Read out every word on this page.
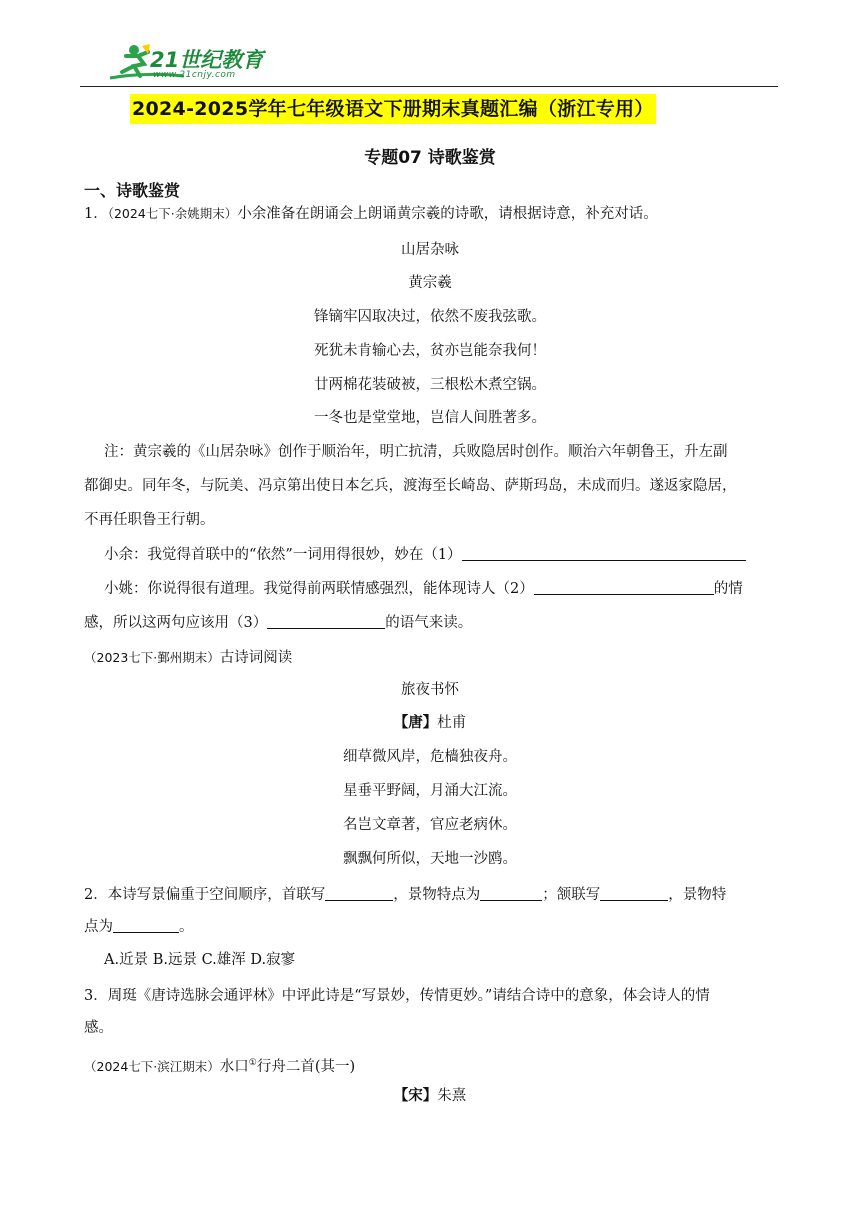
21世纪教育
www.21cnjy.com
2024-2025学年七年级语文下册期末真题汇编（浙江专用）
专题07 诗歌鉴赏
一、诗歌鉴赏
1．（2024七下·余姚期末）小余准备在朗诵会上朗诵黄宗羲的诗歌，请根据诗意，补充对话。
山居杂咏
黄宗羲
锋镝牢囚取决过，依然不废我弦歌。
死犹未肯输心去，贫亦岂能奈我何！
廿两棉花装破被，三根松木煮空锅。
一冬也是堂堂地，岂信人间胜著多。
注：黄宗羲的《山居杂咏》创作于顺治年，明亡抗清，兵败隐居时创作。顺治六年朝鲁王，升左副
都御史。同年冬，与阮美、冯京第出使日本乞兵，渡海至长崎岛、萨斯玛岛，未成而归。遂返家隐居，
不再任职鲁王行朝。
小余：我觉得首联中的“依然”一词用得很妙，妙在（1）
小姚：你说得很有道理。我觉得前两联情感强烈，能体现诗人（2）	的情
感，所以这两句应该用（3）	的语气来读。
（2023七下·鄞州期末）古诗词阅读
旅夜书怀
【唐】杜甫
细草微风岸，危樯独夜舟。
星垂平野阔，月涌大江流。
名岂文章著，官应老病休。
飘飘何所似，天地一沙鸥。
2．本诗写景偏重于空间顺序，首联写	，景物特点为	；颔联写	，景物特
点为	。
A.近景 B.远景 C.雄浑 D.寂寥
3．周珽《唐诗选脉会通评林》中评此诗是“写景妙，传情更妙。”请结合诗中的意象，体会诗人的情
感。
（2024七下·滨江期末）水口①行舟二首(其一)
【宋】朱熹
